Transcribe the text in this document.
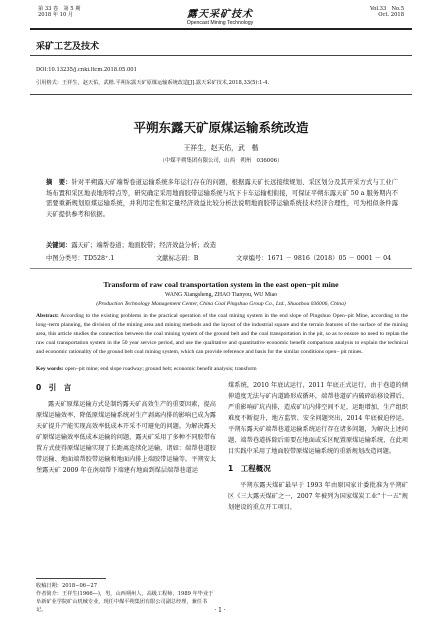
第 33 卷　第 5 期
2018 年 10 月	露天采矿技术
Opencast Mining Technology
Vol.33　No.5
Oct. 2018
采矿工艺及技术
DOI:10.13235/j.cnki.ltcm.2018.05.001
引用格式：王祥生，赵天佑，武楷.平朔东露天矿原煤运输系统改造[J].露天采矿技术,2018,33(5):1-4.
平朔东露天矿原煤运输系统改造
王祥生，赵天佑，武　楷
（中煤平朔集团有限公司，山西　朔州　036006）
摘　要：针对平朔露天矿端帮卷道运输系统多年运行存在的问题，根据露天矿长远接续规划、采区划分及其开采方式与工业广场布置和采区地表地形特点等，研究确定采用地面胶带运输系统与坑下卡车运输相衔接，可保证平朔东露天矿 50 a 服务期内不需要重新规划原煤运输系统，并利用定性和定量经济效益比较分析法说明地面胶带运输系统技术经济合理性，可为相似条件露天矿提供参考和依据。
关键词：露天矿；端帮卷道；地面胶带；经济效益分析；改造
中图分类号：TD528⁺.1	文献标志码：B	文章编号：1671 － 9816（2018）05 － 0001 － 04
Transform of raw coal transportation system in the east open−pit mine
WANG Xiangsheng, ZHAO Tianyou, WU Miao
(Production Technology Management Center, China Coal Pingshuo Group Co., Ltd., Shuozhou 036006, China)
Abstract: According to the existing problems in the practical operation of the coal mining system in the end slope of Pingshuo Open−pit Mine, according to the long−term planning, the division of the mining area and mining methods and the layout of the industrial square and the terrain features of the surface of the mining area, this article studies the connection between the coal mining system of the ground belt and the coal transportation in the pit, so as to ensure no need to replan the raw coal transportation system in the 50 year service period, and use the qualitative and quantitative economic benefit comparison analysis to explain the technical and economic rationality of the ground belt coal mining system, which can provide reference and basis for the similar conditions open− pit mines.
Key words: open−pit mine; end slope roadway; ground belt; economic benefit analysis; transform
0　引　言
露天矿原煤运输方式是制约露天矿高效生产的重要因素，提高原煤运输效率、降低原煤运输系统对生产剥离内排的影响已成为露天矿提升产能实现高效率低成本开采不可避免的问题。为解决露天矿原煤运输效率低成本运输的问题，露天矿采用了多种不同胶带布置方式使得原煤运输实现了长距离连续化运输，诸如：端帮巷道胶带运输、地面端帮胶带运输和地面内排上端胶带运输等。平朔安太堡露天矿 2009 年在南端帮下端建有地面到煤层端帮巷道运
煤系统，2010 年底试运行，2011 年底正式运行，由于巷道的倾伸道度无法与矿内道路形成循环，端帮巷道矿内破碎站移设滞后、严重影响矿坑内排，造成矿坑内排空间不足，运距增加，生产组织难度不断提升，地方监管、安全问题突出，2014 年底被迫停运。平朔东露天矿端帮巷道运输系统运行存在诸多问题，为解决上述问题，端帮巷道拆除后需要在地面或采区配置原煤运输系统，在此项目实践中采用了地面胶带原煤运输系统的重新规划改造问题。
1　工程概况
平朔东露天煤矿最早于 1993 年由原国家计委批准为平朔矿区《三大露天煤矿之一，2007 年被列为国家煤炭工业"十一五"规划建设的重点开工项目，
收稿日期：2018−06−27
作者简介：王祥生(1966—)，男，山西朔州人，高级工程师，1989 年毕业于阜新矿业学院矿山机械专业，现任中煤平朔集团有限公司副总经理，兼任书记。	· 1 ·
